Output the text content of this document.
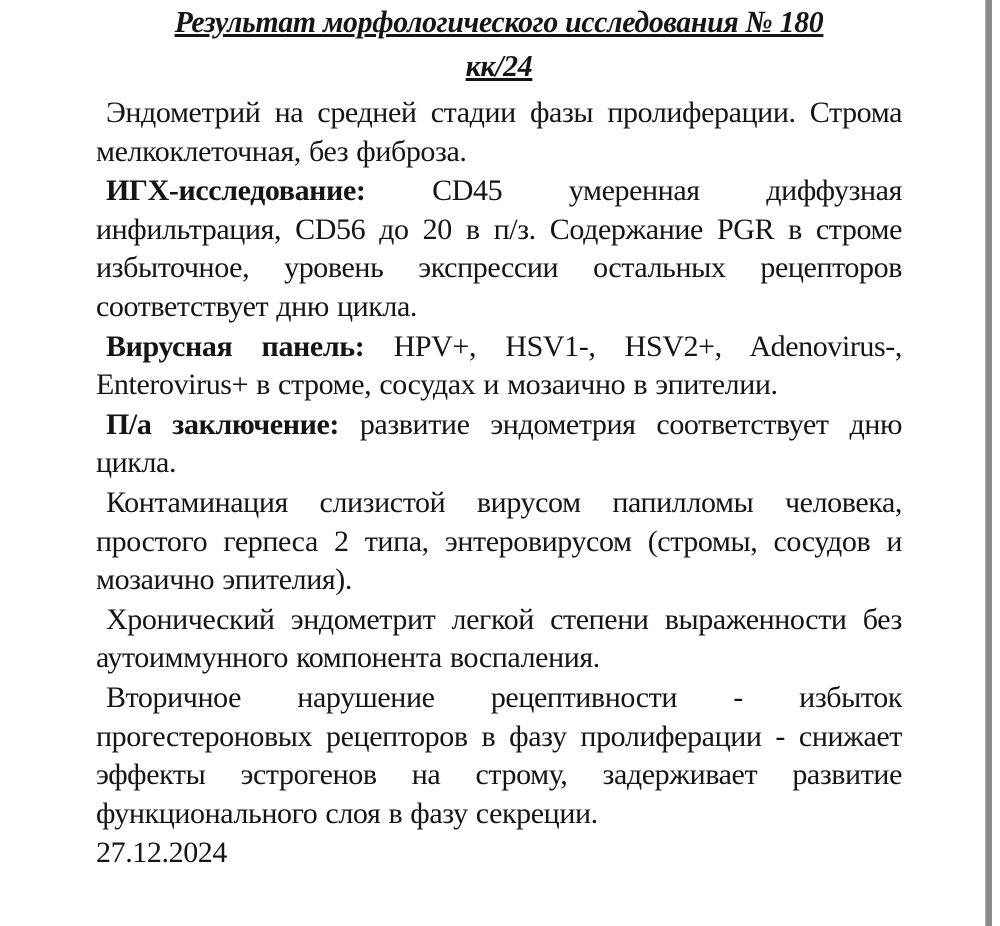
Результат морфологического исследования № 180
кк/24

Эндометрий на средней стадии фазы пролиферации. Строма мелкоклеточная, без фиброза.

ИГХ-исследование: CD45 умеренная диффузная инфильтрация, CD56 до 20 в п/з. Содержание PGR в строме избыточное, уровень экспрессии остальных рецепторов соответствует дню цикла.

Вирусная панель: HPV+, HSV1-, HSV2+, Adenovirus-, Enterovirus+ в строме, сосудах и мозаично в эпителии.

П/а заключение: развитие эндометрия соответствует дню цикла.

Контаминация слизистой вирусом папилломы человека, простого герпеса 2 типа, энтеровирусом (стромы, сосудов и мозаично эпителия).

Хронический эндометрит легкой степени выраженности без аутоиммунного компонента воспаления.

Вторичное нарушение рецептивности - избыток прогестероновых рецепторов в фазу пролиферации - снижает эффекты эстрогенов на строму, задерживает развитие функционального слоя в фазу секреции.

27.12.2024
